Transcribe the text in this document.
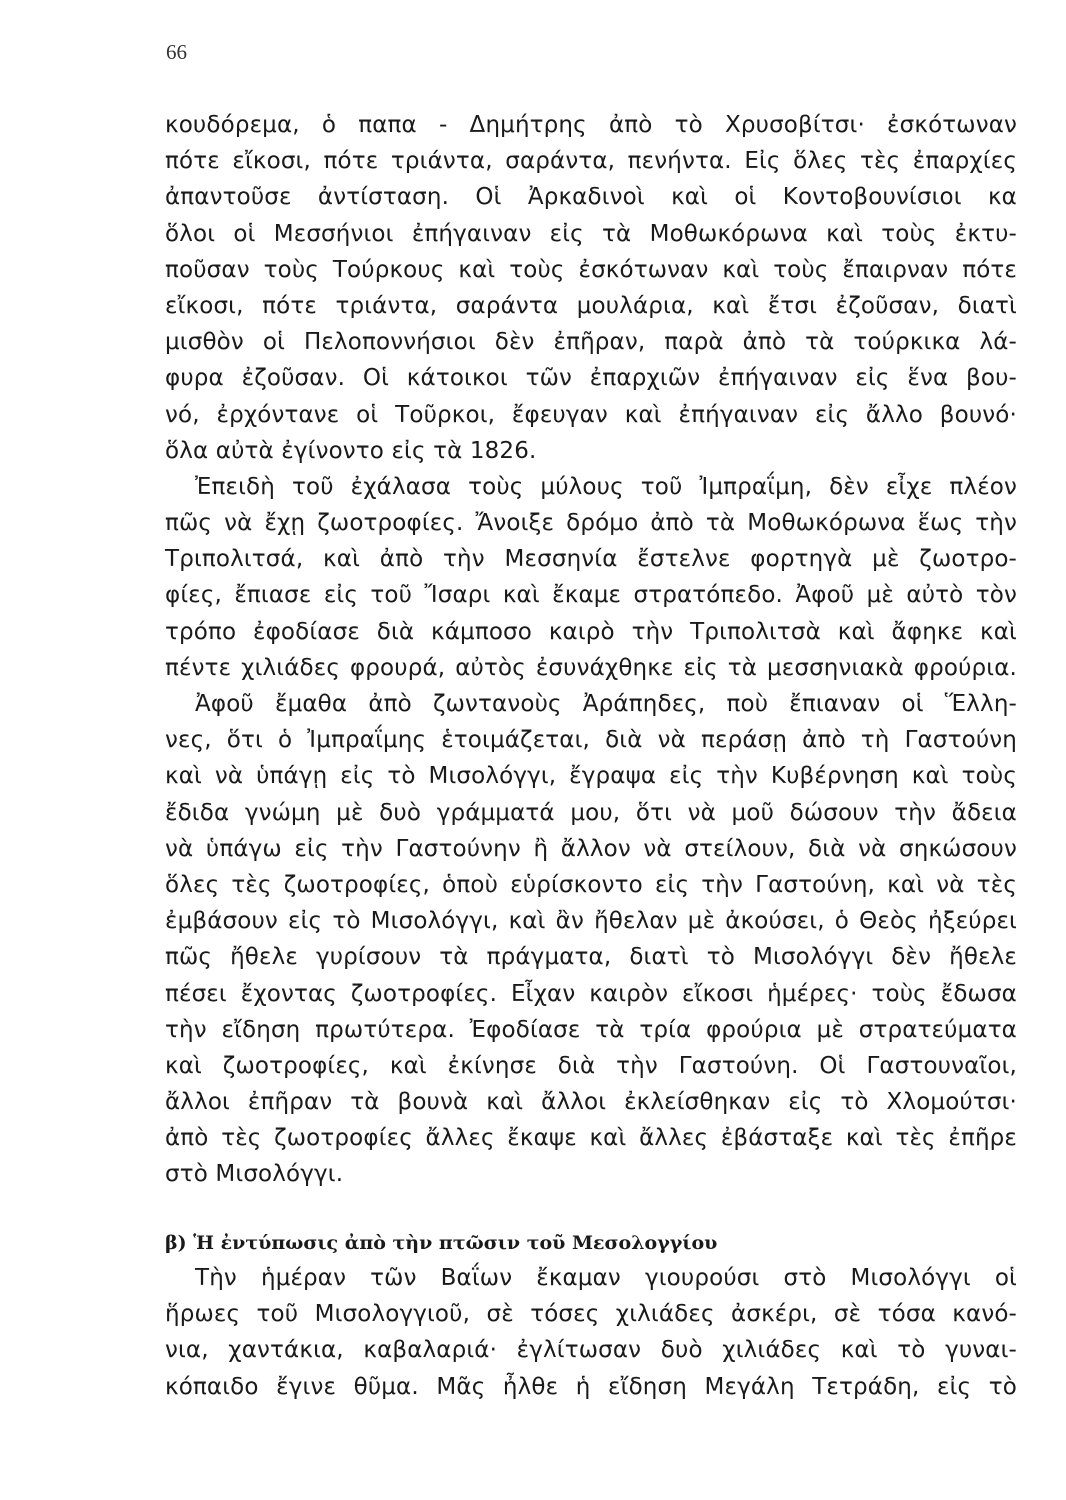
66
κουδόρεμα, ὁ παπα - Δημήτρης ἀπὸ τὸ Χρυσοβίτσι· ἐσκότωναν
πότε εἴκοσι, πότε τριάντα, σαράντα, πενήντα. Εἰς ὅλες τὲς ἐπαρχίες
ἀπαντοῦσε ἀντίσταση. Οἱ Ἀρκαδινοὶ καὶ οἱ Κοντοβουνίσιοι κα
ὅλοι οἱ Μεσσήνιοι ἐπήγαιναν εἰς τὰ Μοθωκόρωνα καὶ τοὺς ἐκτυ-
ποῦσαν τοὺς Τούρκους καὶ τοὺς ἐσκότωναν καὶ τοὺς ἔπαιρναν πότε
εἴκοσι, πότε τριάντα, σαράντα μουλάρια, καὶ ἔτσι ἐζοῦσαν, διατὶ
μισθὸν οἱ Πελοποννήσιοι δὲν ἐπῆραν, παρὰ ἀπὸ τὰ τούρκικα λά-
φυρα ἐζοῦσαν. Οἱ κάτοικοι τῶν ἐπαρχιῶν ἐπήγαιναν εἰς ἕνα βου-
νό, ἐρχόντανε οἱ Τοῦρκοι, ἔφευγαν καὶ ἐπήγαιναν εἰς ἄλλο βουνό·
ὅλα αὐτὰ ἐγίνοντο εἰς τὰ 1826.
Ἐπειδὴ τοῦ ἐχάλασα τοὺς μύλους τοῦ Ἰμπραΐμη, δὲν εἶχε πλέον
πῶς νὰ ἔχῃ ζωοτροφίες. Ἄνοιξε δρόμο ἀπὸ τὰ Μοθωκόρωνα ἕως τὴν
Τριπολιτσά, καὶ ἀπὸ τὴν Μεσσηνία ἔστελνε φορτηγὰ μὲ ζωοτρο-
φίες, ἔπιασε εἰς τοῦ Ἴσαρι καὶ ἔκαμε στρατόπεδο. Ἀφοῦ μὲ αὐτὸ τὸν
τρόπο ἐφοδίασε διὰ κάμποσο καιρὸ τὴν Τριπολιτσὰ καὶ ἄφηκε καὶ
πέντε χιλιάδες φρουρά, αὐτὸς ἐσυνάχθηκε εἰς τὰ μεσσηνιακὰ φρούρια.
Ἀφοῦ ἔμαθα ἀπὸ ζωντανοὺς Ἀράπηδες, ποὺ ἔπιαναν οἱ Ἕλλη-
νες, ὅτι ὁ Ἰμπραΐμης ἑτοιμάζεται, διὰ νὰ περάσῃ ἀπὸ τὴ Γαστούνη
καὶ νὰ ὑπάγῃ εἰς τὸ Μισολόγγι, ἔγραψα εἰς τὴν Κυβέρνηση καὶ τοὺς
ἔδιδα γνώμη μὲ δυὸ γράμματά μου, ὅτι νὰ μοῦ δώσουν τὴν ἄδεια
νὰ ὑπάγω εἰς τὴν Γαστούνην ἢ ἄλλον νὰ στείλουν, διὰ νὰ σηκώσουν
ὅλες τὲς ζωοτροφίες, ὁποὺ εὑρίσκοντο εἰς τὴν Γαστούνη, καὶ νὰ τὲς
ἐμβάσουν εἰς τὸ Μισολόγγι, καὶ ἂν ἤθελαν μὲ ἀκούσει, ὁ Θεὸς ἠξεύρει
πῶς ἤθελε γυρίσουν τὰ πράγματα, διατὶ τὸ Μισολόγγι δὲν ἤθελε
πέσει ἔχοντας ζωοτροφίες. Εἶχαν καιρὸν εἴκοσι ἡμέρες· τοὺς ἔδωσα
τὴν εἴδηση πρωτύτερα. Ἐφοδίασε τὰ τρία φρούρια μὲ στρατεύματα
καὶ ζωοτροφίες, καὶ ἐκίνησε διὰ τὴν Γαστούνη. Οἱ Γαστουναῖοι,
ἄλλοι ἐπῆραν τὰ βουνὰ καὶ ἄλλοι ἐκλείσθηκαν εἰς τὸ Χλομούτσι·
ἀπὸ τὲς ζωοτροφίες ἄλλες ἔκαψε καὶ ἄλλες ἐβάσταξε καὶ τὲς ἐπῆρε
στὸ Μισολόγγι.
β) Ἡ ἐντύπωσις ἀπὸ τὴν πτῶσιν τοῦ Μεσολογγίου
Τὴν ἡμέραν τῶν Βαΐων ἔκαμαν γιουρούσι στὸ Μισολόγγι οἱ
ἥρωες τοῦ Μισολογγιοῦ, σὲ τόσες χιλιάδες ἀσκέρι, σὲ τόσα κανό-
νια, χαντάκια, καβαλαριά· ἐγλίτωσαν δυὸ χιλιάδες καὶ τὸ γυναι-
κόπαιδο ἔγινε θῦμα. Μᾶς ἦλθε ἡ εἴδηση Μεγάλη Τετράδη, εἰς τὸ
